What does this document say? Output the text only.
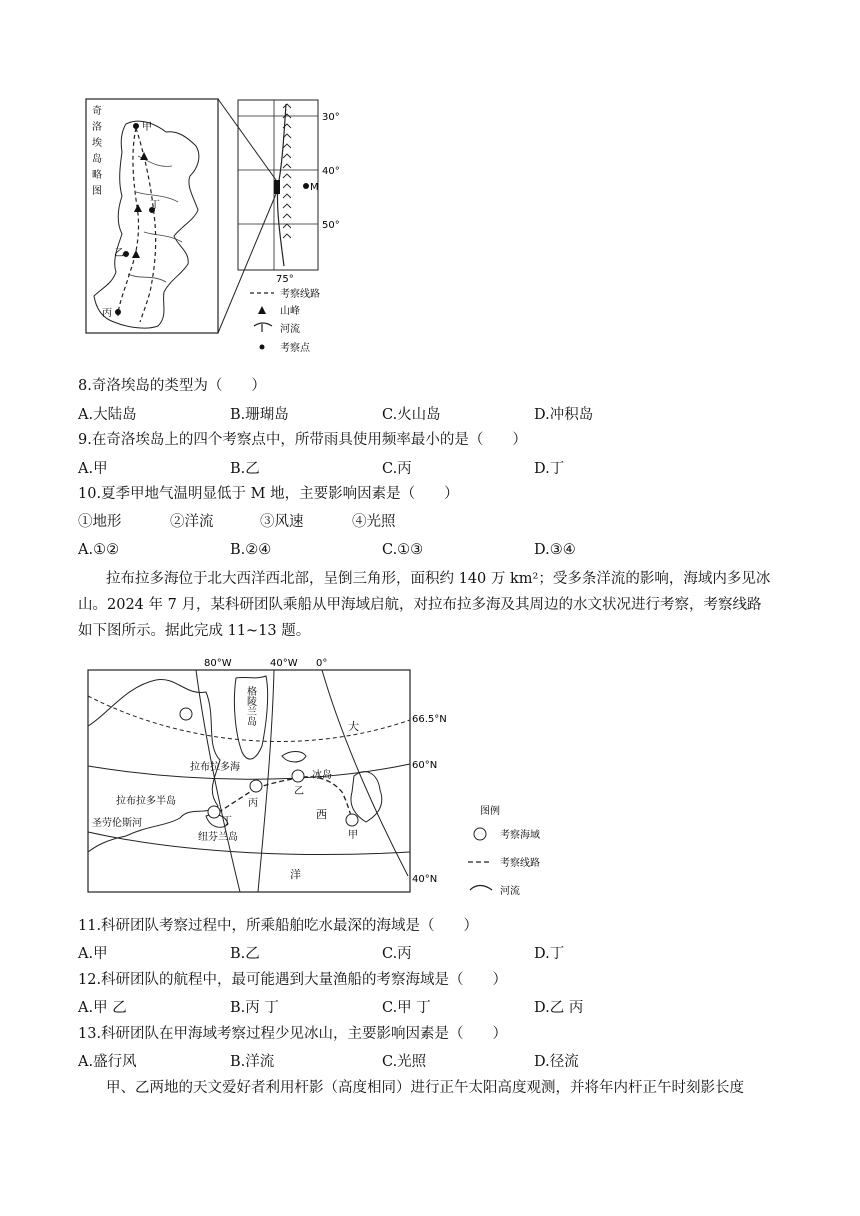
奇洛埃岛略图
甲
丁
乙
丙
M
30°
40°
50°
75°
考察线路
山峰
河流
考察点
8.奇洛埃岛的类型为（　　）
A.大陆岛	B.珊瑚岛	C.火山岛	D.冲积岛
9.在奇洛埃岛上的四个考察点中，所带雨具使用频率最小的是（　　）
A.甲	B.乙	C.丙	D.丁
10.夏季甲地气温明显低于 M 地，主要影响因素是（　　）
①地形	②洋流	③风速	④光照
A.①②	B.②④	C.①③	D.③④
拉布拉多海位于北大西洋西北部，呈倒三角形，面积约 140 万 km²；受多条洋流的影响，海域内多见冰
山。2024 年 7 月，某科研团队乘船从甲海域启航，对拉布拉多海及其周边的水文状况进行考察，考察线路
如下图所示。据此完成 11~13 题。
丙
乙
甲
丁
格陵兰岛
拉布拉多海
冰岛
拉布拉多半岛
纽芬兰岛
圣劳伦斯河
大
西
洋
80°W	40°W 0°
66.5°N
60°N
40°N
图例
考察海域
考察线路
河流
11.科研团队考察过程中，所乘船舶吃水最深的海域是（　　）
A.甲	B.乙	C.丙	D.丁
12.科研团队的航程中，最可能遇到大量渔船的考察海域是（　　）
A.甲 乙	B.丙 丁	C.甲 丁	D.乙 丙
13.科研团队在甲海域考察过程少见冰山，主要影响因素是（　　）
A.盛行风	B.洋流	C.光照	D.径流
甲、乙两地的天文爱好者利用杆影（高度相同）进行正午太阳高度观测，并将年内杆正午时刻影长度
